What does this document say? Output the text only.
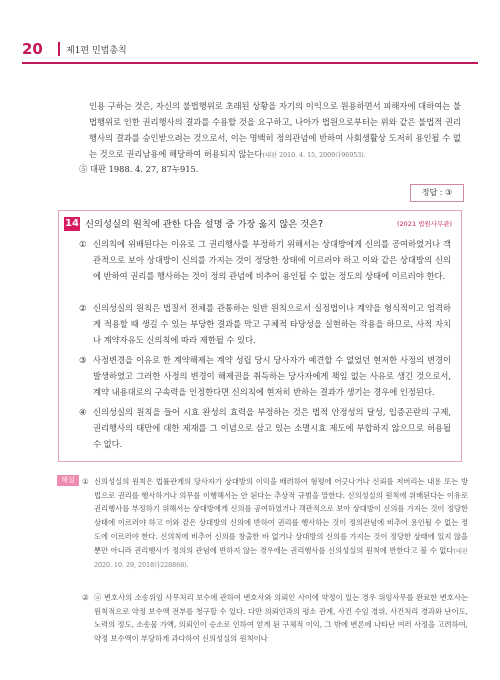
20	제1편 민법총칙

인용 구하는 것은, 자신의 불법행위로 초래된 상황을 자기의 이익으로 원용하면서 피해자에 대하여는 불법행위로 인한 권리행사의 결과를 수용할 것을 요구하고, 나아가 법원으로부터는 위와 같은 불법적 권리행사의 결과를 승인받으려는 것으로서, 이는 명백히 정의관념에 반하여 사회생활상 도저히 용인될 수 없는 것으로 권리남용에 해당하여 허용되지 않는다(대판 2010. 4. 15, 2009다96953).

⑤ 대판 1988. 4. 27, 87누915.
정답 : ③
14 신의성실의 원칙에 관한 다음 설명 중 가장 옳지 않은 것은?	(2021 법원사무관)
① 신의칙에 위배된다는 이유로 그 권리행사를 부정하기 위해서는 상대방에게 신의를 공여하였거나 객관적으로 보아 상대방이 신의를 가지는 것이 정당한 상태에 이르러야 하고 이와 같은 상대방의 신의에 반하여 권리를 행사하는 것이 정의 관념에 비추어 용인될 수 없는 정도의 상태에 이르러야 한다.
② 신의성실의 원칙은 법질서 전체를 관통하는 일반 원칙으로서 실정법이나 계약을 형식적이고 엄격하게 적용할 때 생길 수 있는 부당한 결과를 막고 구체적 타당성을 실현하는 작용을 하므로, 사적 자치나 계약자유도 신의칙에 따라 제한될 수 있다.
③ 사정변경을 이유로 한 계약해제는 계약 성립 당시 당사자가 예견할 수 없었던 현저한 사정의 변경이 발생하였고 그러한 사정의 변경이 해제권을 취득하는 당사자에게 책임 없는 사유로 생긴 것으로서, 계약 내용대로의 구속력을 인정한다면 신의칙에 현저히 반하는 결과가 생기는 경우에 인정된다.
④ 신의성실의 원칙을 들어 시효 완성의 효력을 부정하는 것은 법적 안정성의 달성, 입증곤란의 구제, 권리행사의 태만에 대한 제재를 그 이념으로 삼고 있는 소멸시효 제도에 부합하지 않으므로 허용될 수 없다.
해설 ① 신의성실의 원칙은 법률관계의 당사자가 상대방의 이익을 배려하여 형평에 어긋나거나 신뢰를 저버리는 내용 또는 방법으로 권리를 행사하거나 의무를 이행해서는 안 된다는 추상적 규범을 말한다. 신의성실의 원칙에 위배된다는 이유로 권리행사를 부정하기 위해서는 상대방에게 신의를 공여하였거나 객관적으로 보아 상대방이 신의를 가지는 것이 정당한 상태에 이르러야 하고 이와 같은 상대방의 신의에 반하여 권리를 행사하는 것이 정의관념에 비추어 용인될 수 없는 정도에 이르러야 한다. 신의칙에 비추어 신의를 창출한 바 없거나 상대방의 신의를 가지는 것이 정당한 상태에 있지 않을 뿐만 아니라 권리행사가 정의의 관념에 반하지 않는 경우에는 권리행사를 신의성실의 원칙에 반한다고 볼 수 없다(대판 2020. 10. 29, 2018다228868).
② ⓐ 변호사의 소송위임 사무처리 보수에 관하여 변호사와 의뢰인 사이에 약정이 있는 경우 위임사무를 완료한 변호사는 원칙적으로 약정 보수액 전부를 청구할 수 있다. 다만 의뢰인과의 평소 관계, 사건 수임 경위, 사건처리 경과와 난이도, 노력의 정도, 소송물 가액, 의뢰인이 승소로 인하여 얻게 된 구체적 이익, 그 밖에 변론에 나타난 여러 사정을 고려하여, 약정 보수액이 부당하게 과다하여 신의성실의 원칙이나
